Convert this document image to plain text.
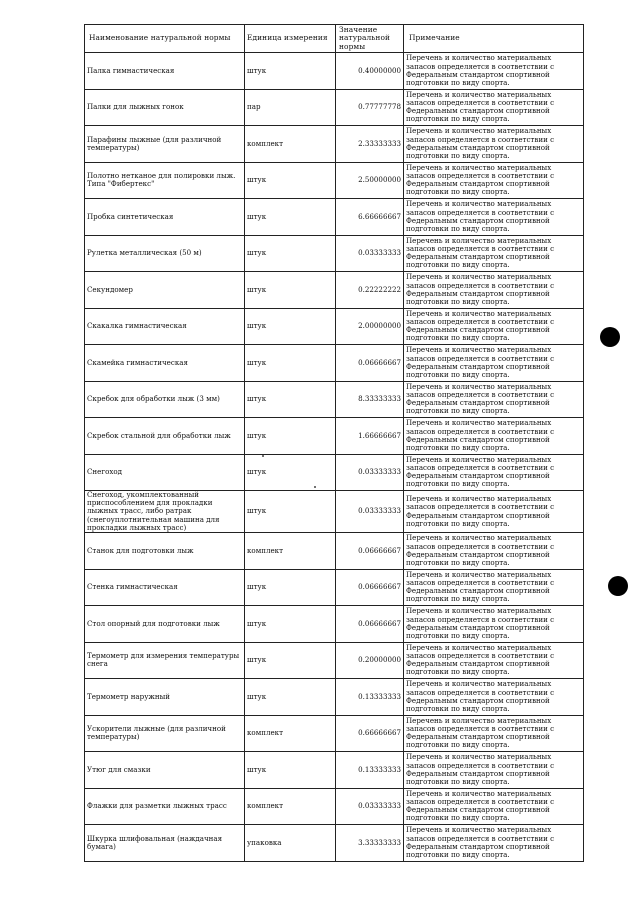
Наименование натуральной нормы	Единица измерения	Значение натуральной нормы	Примечание
Палка гимнастическая	штук	0.40000000	Перечень и количество материальных запасов определяется в соответствии с Федеральным стандартом спортивной подготовки по виду спорта.
Палки для лыжных гонок	пар	0.77777778	Перечень и количество материальных запасов определяется в соответствии с Федеральным стандартом спортивной подготовки по виду спорта.
Парафины лыжные (для различной температуры)	комплект	2.33333333	Перечень и количество материальных запасов определяется в соответствии с Федеральным стандартом спортивной подготовки по виду спорта.
Полотно нетканое для полировки лыж. Типа "Фибертекс"	штук	2.50000000	Перечень и количество материальных запасов определяется в соответствии с Федеральным стандартом спортивной подготовки по виду спорта.
Пробка синтетическая	штук	6.66666667	Перечень и количество материальных запасов определяется в соответствии с Федеральным стандартом спортивной подготовки по виду спорта.
Рулетка металлическая (50 м)	штук	0.03333333	Перечень и количество материальных запасов определяется в соответствии с Федеральным стандартом спортивной подготовки по виду спорта.
Секундомер	штук	0.22222222	Перечень и количество материальных запасов определяется в соответствии с Федеральным стандартом спортивной подготовки по виду спорта.
Скакалка гимнастическая	штук	2.00000000	Перечень и количество материальных запасов определяется в соответствии с Федеральным стандартом спортивной подготовки по виду спорта.
Скамейка гимнастическая	штук	0.06666667	Перечень и количество материальных запасов определяется в соответствии с Федеральным стандартом спортивной подготовки по виду спорта.
Скребок для обработки лыж (3 мм)	штук	8.33333333	Перечень и количество материальных запасов определяется в соответствии с Федеральным стандартом спортивной подготовки по виду спорта.
Скребок стальной для обработки лыж	штук	1.66666667	Перечень и количество материальных запасов определяется в соответствии с Федеральным стандартом спортивной подготовки по виду спорта.
Снегоход	штук	0.03333333	Перечень и количество материальных запасов определяется в соответствии с Федеральным стандартом спортивной подготовки по виду спорта.
Снегоход, укомплектованный приспособлением для прокладки лыжных трасс, либо ратрак (снегоуплотнительная машина для прокладки лыжных трасс)	штук	0.03333333	Перечень и количество материальных запасов определяется в соответствии с Федеральным стандартом спортивной подготовки по виду спорта.
Станок для подготовки лыж	комплект	0.06666667	Перечень и количество материальных запасов определяется в соответствии с Федеральным стандартом спортивной подготовки по виду спорта.
Стенка гимнастическая	штук	0.06666667	Перечень и количество материальных запасов определяется в соответствии с Федеральным стандартом спортивной подготовки по виду спорта.
Стол опорный для подготовки лыж	штук	0.06666667	Перечень и количество материальных запасов определяется в соответствии с Федеральным стандартом спортивной подготовки по виду спорта.
Термометр для измерения температуры снега	штук	0.20000000	Перечень и количество материальных запасов определяется в соответствии с Федеральным стандартом спортивной подготовки по виду спорта.
Термометр наружный	штук	0.13333333	Перечень и количество материальных запасов определяется в соответствии с Федеральным стандартом спортивной подготовки по виду спорта.
Ускорители лыжные (для различной температуры)	комплект	0.66666667	Перечень и количество материальных запасов определяется в соответствии с Федеральным стандартом спортивной подготовки по виду спорта.
Утюг для смазки	штук	0.13333333	Перечень и количество материальных запасов определяется в соответствии с Федеральным стандартом спортивной подготовки по виду спорта.
Флажки для разметки лыжных трасс	комплект	0.03333333	Перечень и количество материальных запасов определяется в соответствии с Федеральным стандартом спортивной подготовки по виду спорта.
Шкурка шлифовальная (наждачная бумага)	упаковка	3.33333333	Перечень и количество материальных запасов определяется в соответствии с Федеральным стандартом спортивной подготовки по виду спорта.
